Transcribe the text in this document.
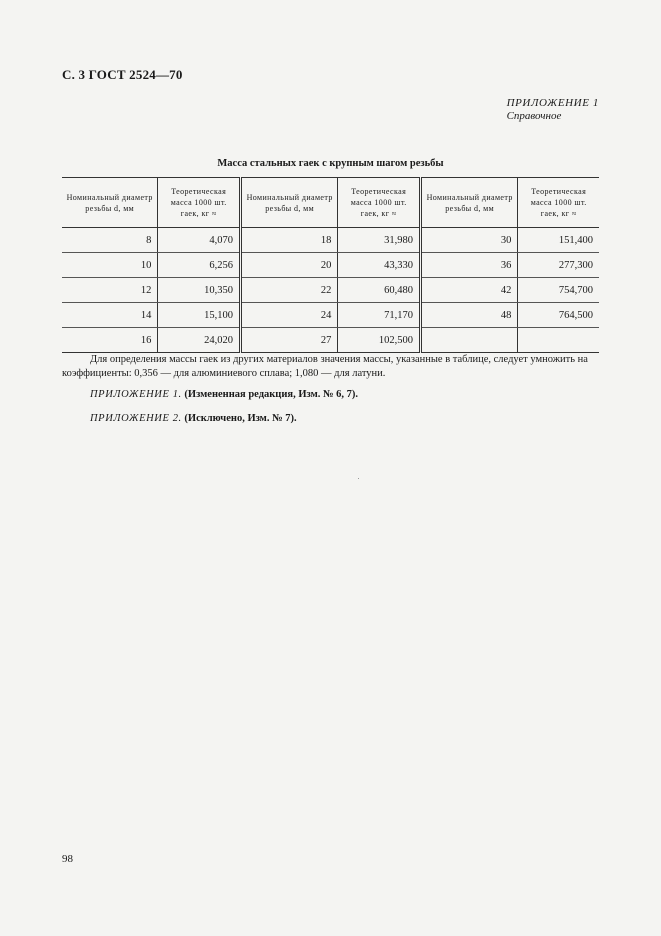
С. 3 ГОСТ 2524—70
ПРИЛОЖЕНИЕ 1
Справочное
Масса стальных гаек с крупным шагом резьбы
Номинальный диаметр резьбы d, мм	Теоретическая масса 1000 шт. гаек, кг ≈	Номинальный диаметр резьбы d, мм	Теоретическая масса 1000 шт. гаек, кг ≈	Номинальный диаметр резьбы d, мм	Теоретическая масса 1000 шт. гаек, кг ≈
8	4,070	18	31,980	30	151,400
10	6,256	20	43,330	36	277,300
12	10,350	22	60,480	42	754,700
14	15,100	24	71,170	48	764,500
16	24,020	27	102,500		
Для определения массы гаек из других материалов значения массы, указанные в таблице, следует умножить на коэффициенты: 0,356 — для алюминиевого сплава; 1,080 — для латуни.
ПРИЛОЖЕНИЕ 1. (Измененная редакция, Изм. № 6, 7).
ПРИЛОЖЕНИЕ 2. (Исключено, Изм. № 7).
98
